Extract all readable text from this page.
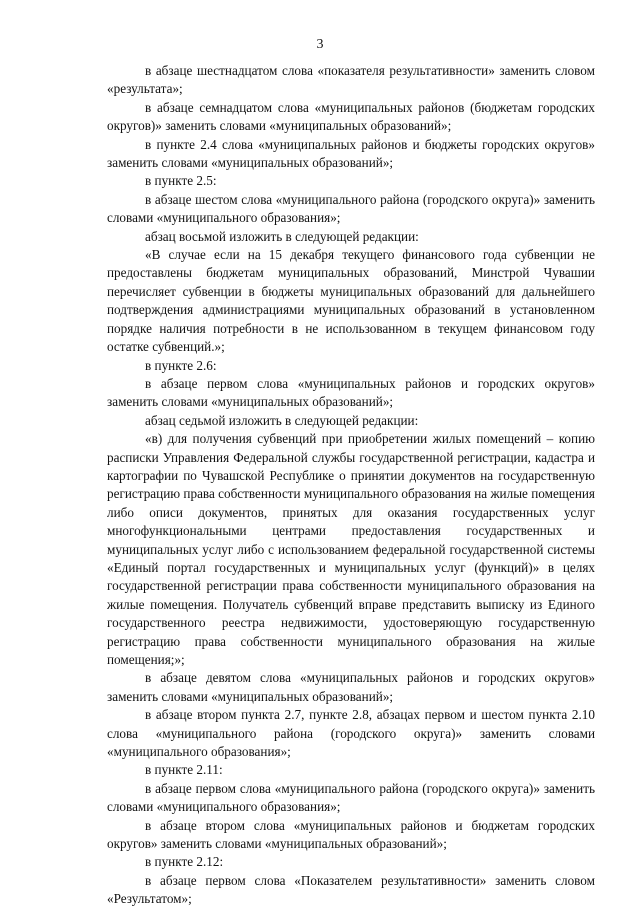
3

в абзаце шестнадцатом слова «показателя результативности» заменить словом «результата»;

в абзаце семнадцатом слова «муниципальных районов (бюджетам городских округов)» заменить словами «муниципальных образований»;

в пункте 2.4 слова «муниципальных районов и бюджеты городских округов» заменить словами «муниципальных образований»;

в пункте 2.5:

в абзаце шестом слова «муниципального района (городского округа)» заменить словами «муниципального образования»;

абзац восьмой изложить в следующей редакции:

«В случае если на 15 декабря текущего финансового года субвенции не предоставлены бюджетам муниципальных образований, Минстрой Чувашии перечисляет субвенции в бюджеты муниципальных образований для дальнейшего подтверждения администрациями муниципальных образований в установленном порядке наличия потребности в не использованном в текущем финансовом году остатке субвенций.»;

в пункте 2.6:

в абзаце первом слова «муниципальных районов и городских округов» заменить словами «муниципальных образований»;

абзац седьмой изложить в следующей редакции:

«в) для получения субвенций при приобретении жилых помещений – копию расписки Управления Федеральной службы государственной регистрации, кадастра и картографии по Чувашской Республике о принятии документов на государственную регистрацию права собственности муниципального образования на жилые помещения либо описи документов, принятых для оказания государственных услуг многофункциональными центрами предоставления государственных и муниципальных услуг либо с использованием федеральной государственной системы «Единый портал государственных и муниципальных услуг (функций)» в целях государственной регистрации права собственности муниципального образования на жилые помещения. Получатель субвенций вправе представить выписку из Единого государственного реестра недвижимости, удостоверяющую государственную регистрацию права собственности муниципального образования на жилые помещения;»;

в абзаце девятом слова «муниципальных районов и городских округов» заменить словами «муниципальных образований»;

в абзаце втором пункта 2.7, пункте 2.8, абзацах первом и шестом пункта 2.10 слова «муниципального района (городского округа)» заменить словами «муниципального образования»;

в пункте 2.11:

в абзаце первом слова «муниципального района (городского округа)» заменить словами «муниципального образования»;

в абзаце втором слова «муниципальных районов и бюджетам городских округов» заменить словами «муниципальных образований»;

в пункте 2.12:

в абзаце первом слова «Показателем результативности» заменить словом «Результатом»;
